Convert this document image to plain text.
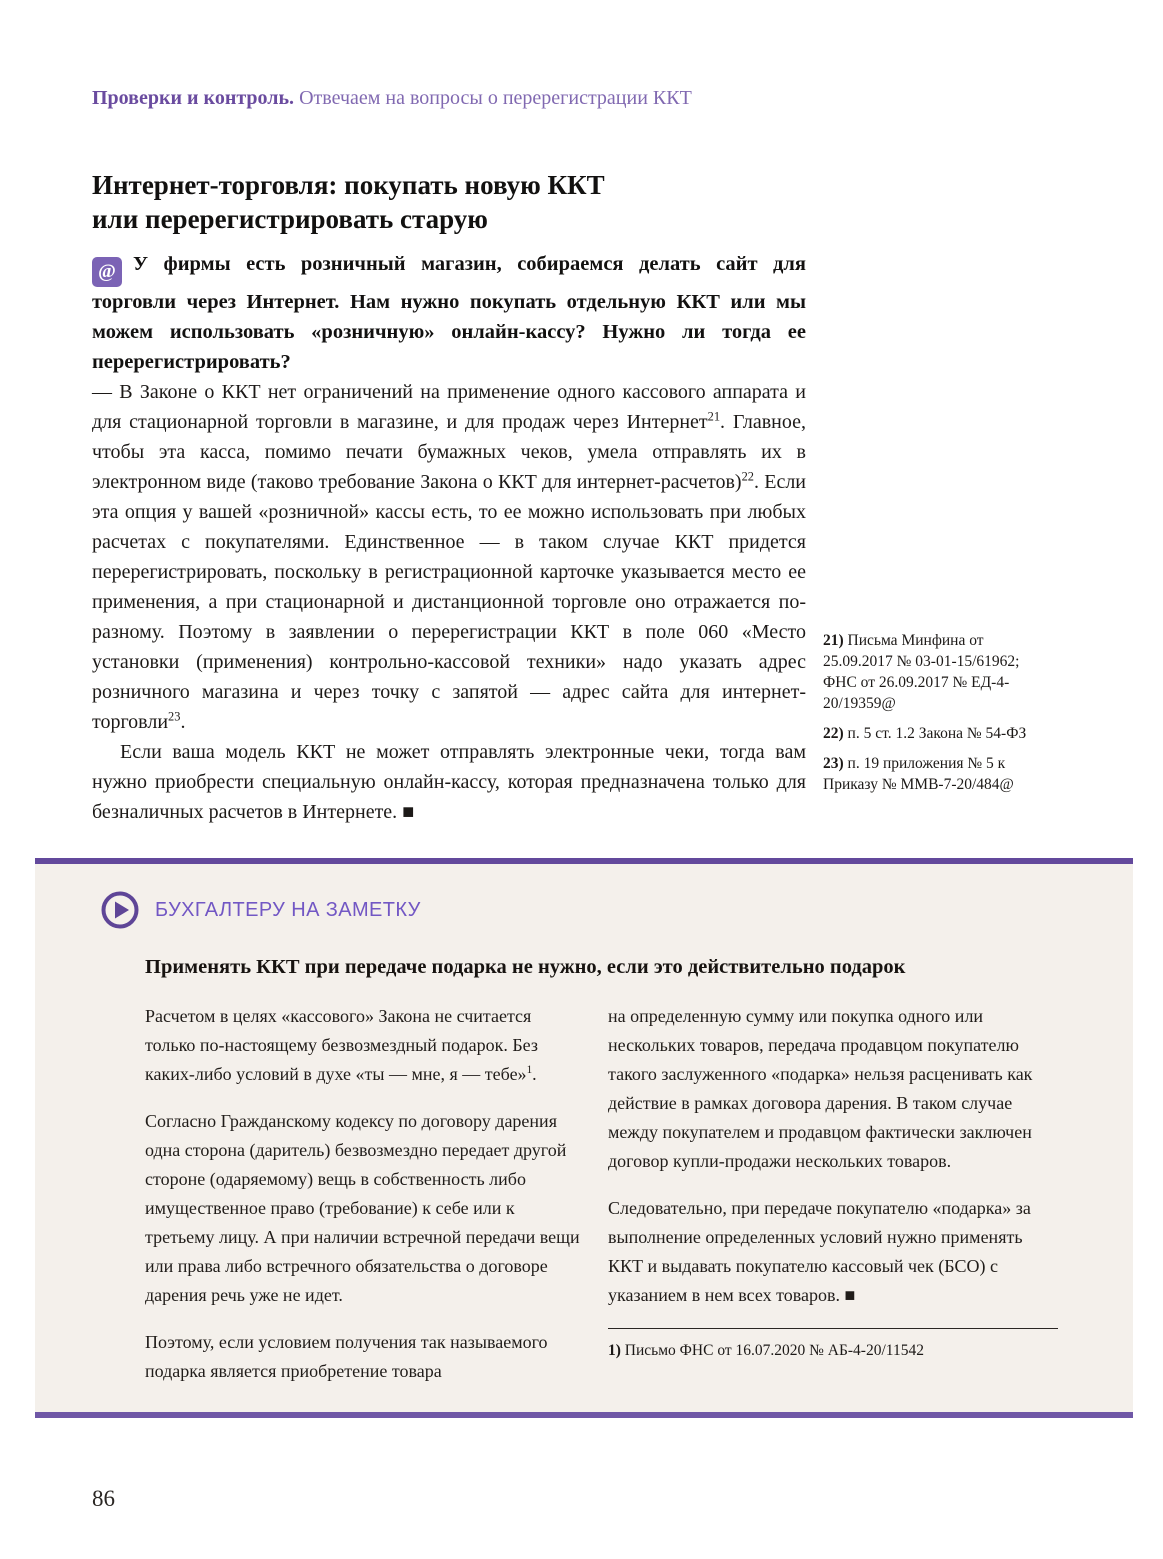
Проверки и контроль. Отвечаем на вопросы о перерегистрации ККТ
Интернет-торговля: покупать новую ККТ
или перерегистрировать старую
@ У фирмы есть розничный магазин, собираемся делать сайт для торговли через Интернет. Нам нужно покупать отдельную ККТ или мы можем использовать «розничную» онлайн-кассу? Нужно ли тогда ее перерегистрировать?

— В Законе о ККТ нет ограничений на применение одного кассового аппарата и для стационарной торговли в магазине, и для продаж через Интернет$^{21}$. Главное, чтобы эта касса, помимо печати бумажных чеков, умела отправлять их в электронном виде (таково требование Закона о ККТ для интернет-расчетов)$^{22}$. Если эта опция у вашей «розничной» кассы есть, то ее можно использовать при любых расчетах с покупателями. Единственное — в таком случае ККТ придется перерегистрировать, поскольку в регистрационной карточке указывается место ее применения, а при стационарной и дистанционной торговле оно отражается по-разному. Поэтому в заявлении о перерегистрации ККТ в поле 060 «Место установки (применения) контрольно-кассовой техники» надо указать адрес розничного магазина и через точку с запятой — адрес сайта для интернет-торговли$^{23}$.

Если ваша модель ККТ не может отправлять электронные чеки, тогда вам нужно приобрести специальную онлайн-кассу, которая предназначена только для безналичных расчетов в Интернете. ■

21) Письма Минфина от 25.09.2017 № 03-01-15/61962; ФНС от 26.09.2017 № ЕД-4-20/19359@
22) п. 5 ст. 1.2 Закона № 54-ФЗ
23) п. 19 приложения № 5 к Приказу № ММВ-7-20/484@
БУХГАЛТЕРУ НА ЗАМЕТКУ
Применять ККТ при передаче подарка не нужно, если это действительно подарок

Расчетом в целях «кассового» Закона не считается только по-настоящему безвозмездный подарок. Без каких-либо условий в духе «ты — мне, я — тебе»$^1$.

Согласно Гражданскому кодексу по договору дарения одна сторона (даритель) безвозмездно передает другой стороне (одаряемому) вещь в собственность либо имущественное право (требование) к себе или к третьему лицу. А при наличии встречной передачи вещи или права либо встречного обязательства о договоре дарения речь уже не идет.

Поэтому, если условием получения так называемого подарка является приобретение товара

на определенную сумму или покупка одного или нескольких товаров, передача продавцом покупателю такого заслуженного «подарка» нельзя расценивать как действие в рамках договора дарения. В таком случае между покупателем и продавцом фактически заключен договор купли-продажи нескольких товаров.

Следовательно, при передаче покупателю «подарка» за выполнение определенных условий нужно применять ККТ и выдавать покупателю кассовый чек (БСО) с указанием в нем всех товаров. ■

1) Письмо ФНС от 16.07.2020 № АБ-4-20/11542
86
